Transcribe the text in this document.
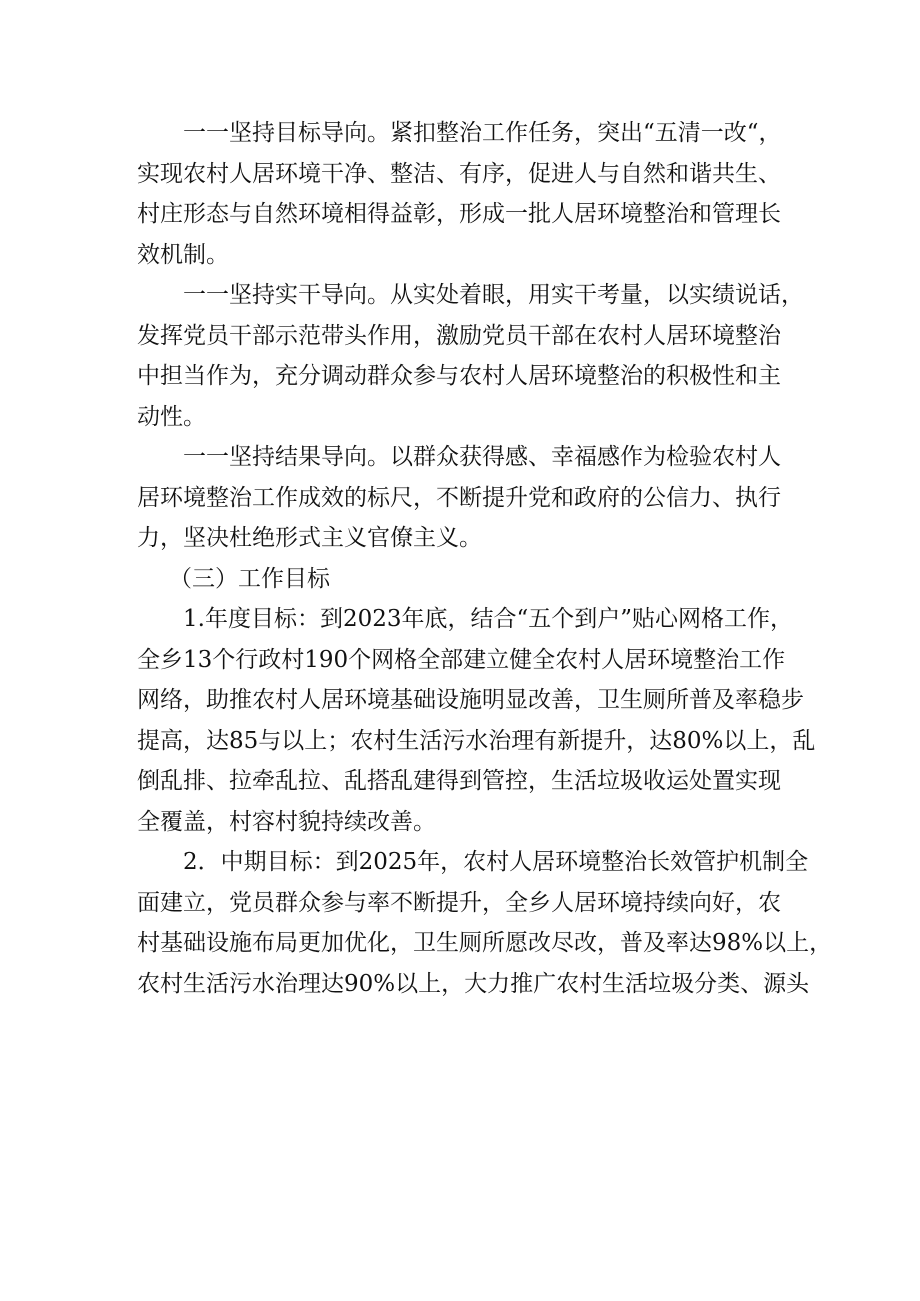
一一坚持目标导向。紧扣整治工作任务，突出“五清一改“，
实现农村人居环境干净、整洁、有序，促进人与自然和谐共生、
村庄形态与自然环境相得益彰，形成一批人居环境整治和管理长
效机制。
一一坚持实干导向。从实处着眼，用实干考量，以实绩说话，
发挥党员干部示范带头作用，激励党员干部在农村人居环境整治
中担当作为，充分调动群众参与农村人居环境整治的积极性和主
动性。
一一坚持结果导向。以群众获得感、幸福感作为检验农村人
居环境整治工作成效的标尺，不断提升党和政府的公信力、执行
力，坚决杜绝形式主义官僚主义。
（三）工作目标
1.年度目标：到2023年底，结合“五个到户”贴心网格工作，
全乡13个行政村190个网格全部建立健全农村人居环境整治工作
网络，助推农村人居环境基础设施明显改善，卫生厕所普及率稳步
提高，达85与以上；农村生活污水治理有新提升，达80%以上，乱
倒乱排、拉牵乱拉、乱搭乱建得到管控，生活垃圾收运处置实现
全覆盖，村容村貌持续改善。
2．中期目标：到2025年，农村人居环境整治长效管护机制全
面建立，党员群众参与率不断提升，全乡人居环境持续向好，农
村基础设施布局更加优化，卫生厕所愿改尽改，普及率达98%以上，
农村生活污水治理达90%以上，大力推广农村生活垃圾分类、源头
